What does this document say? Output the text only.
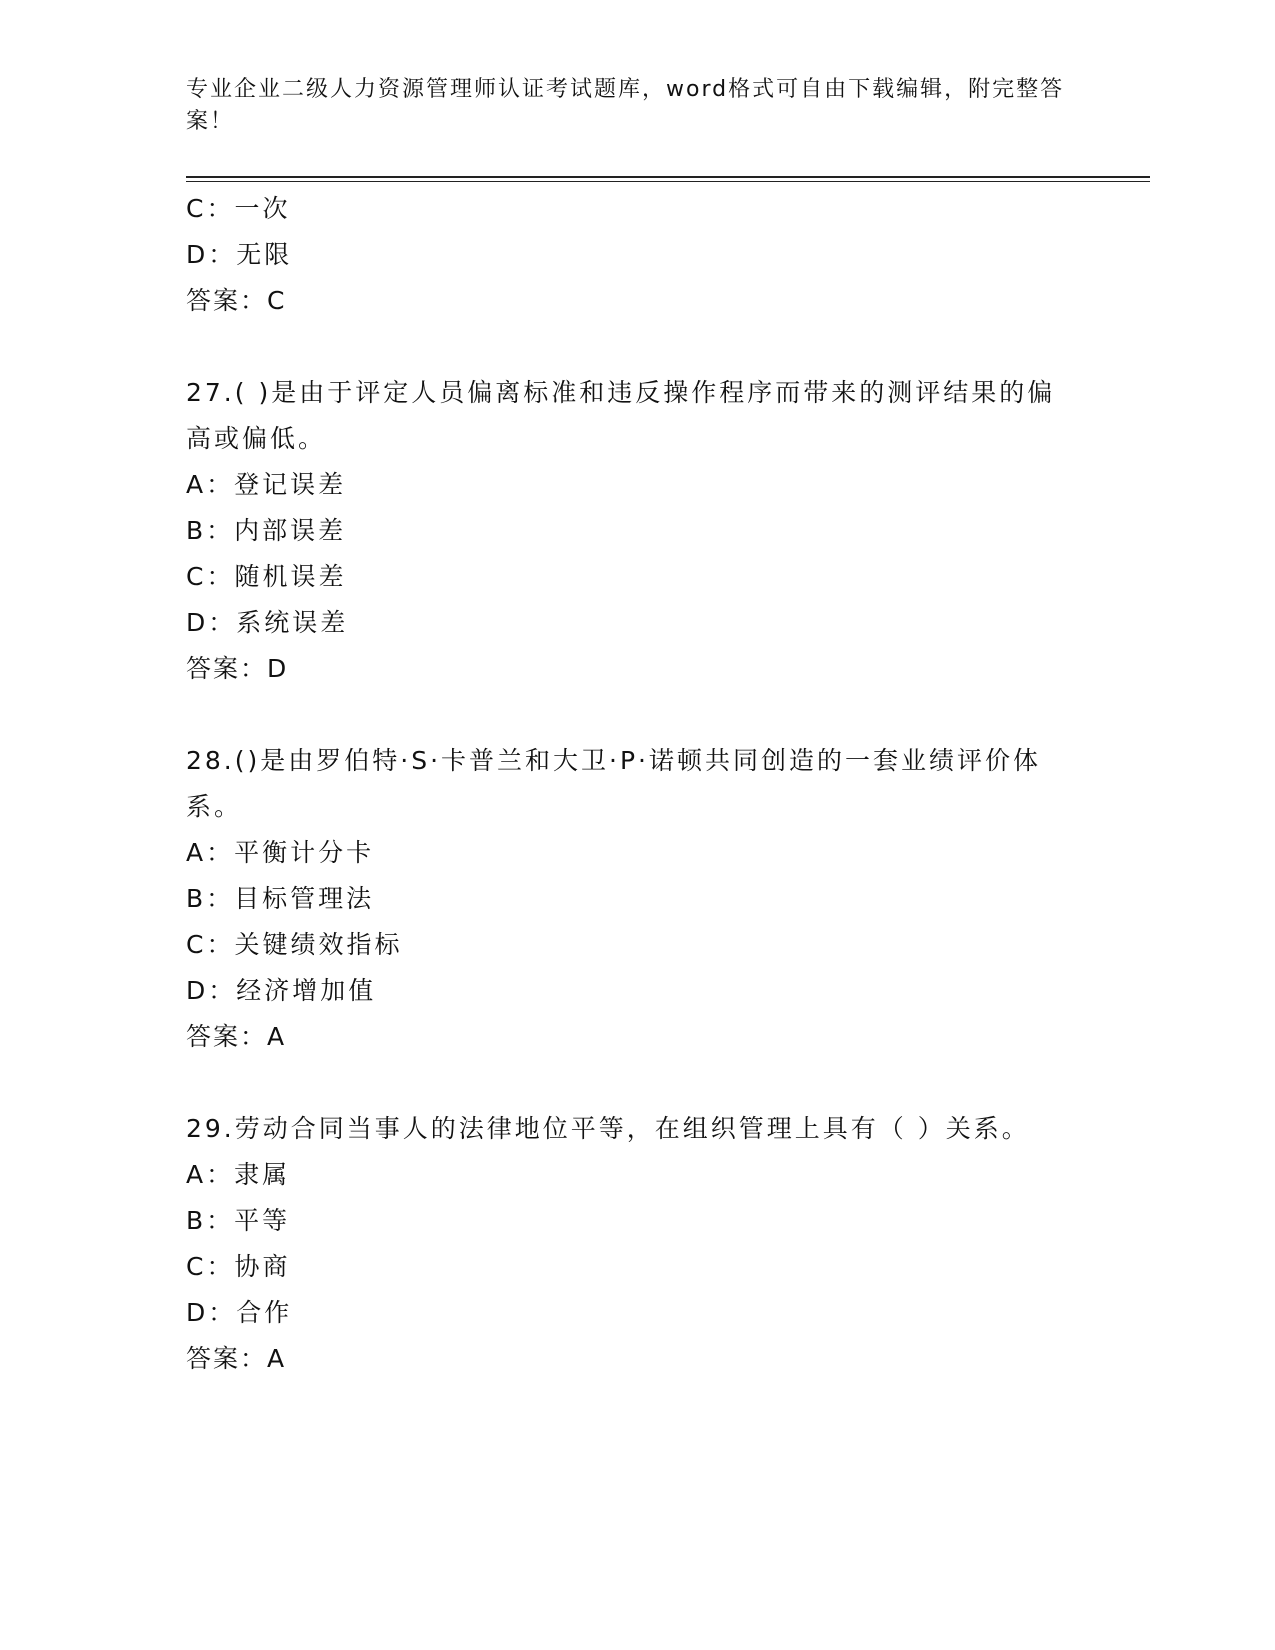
专业企业二级人力资源管理师认证考试题库，word格式可自由下载编辑，附完整答案！
C：一次
D：无限
答案：C
27.( )是由于评定人员偏离标准和违反操作程序而带来的测评结果的偏高或偏低。
A：登记误差
B：内部误差
C：随机误差
D：系统误差
答案：D
28.()是由罗伯特·S·卡普兰和大卫·P·诺顿共同创造的一套业绩评价体系。
A：平衡计分卡
B：目标管理法
C：关键绩效指标
D：经济增加值
答案：A
29.劳动合同当事人的法律地位平等，在组织管理上具有（ ）关系。
A：隶属
B：平等
C：协商
D：合作
答案：A
